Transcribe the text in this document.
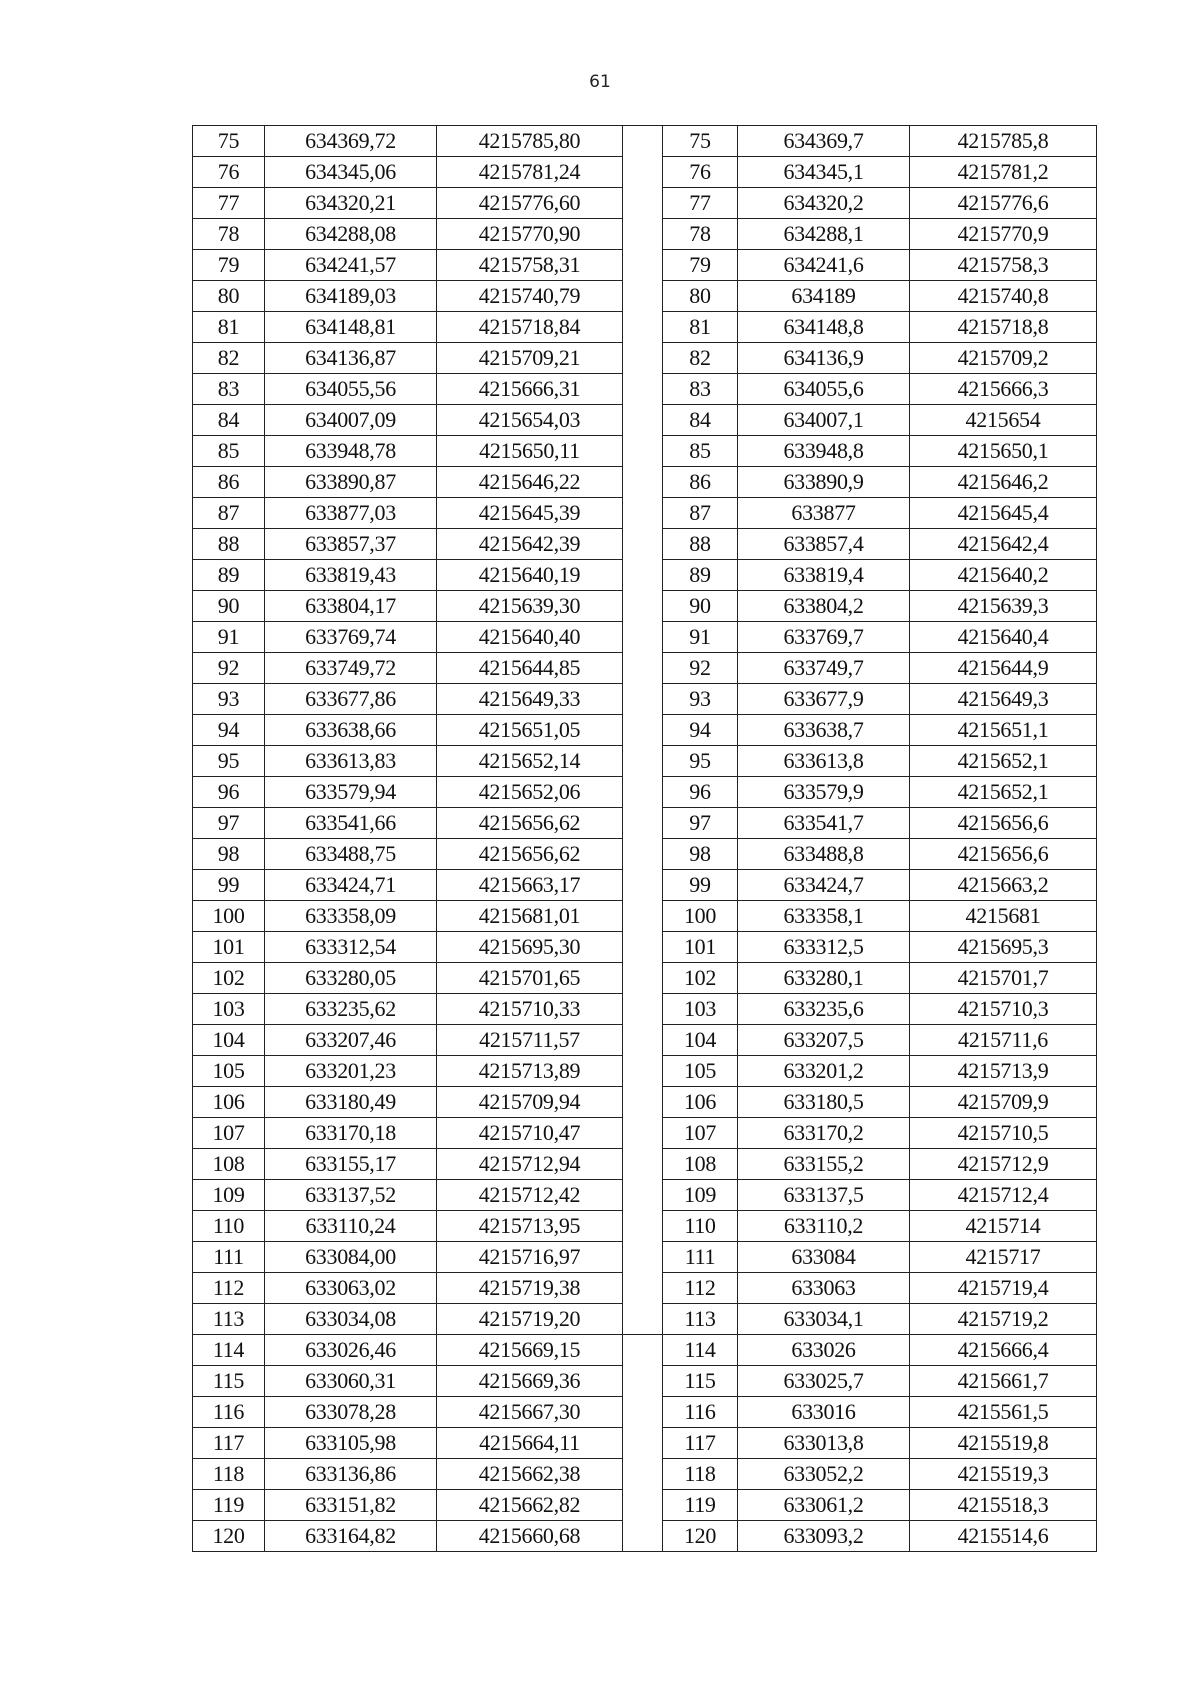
61
75	634369,72	4215785,80		75	634369,7	4215785,8
76	634345,06	4215781,24		76	634345,1	4215781,2
77	634320,21	4215776,60		77	634320,2	4215776,6
78	634288,08	4215770,90		78	634288,1	4215770,9
79	634241,57	4215758,31		79	634241,6	4215758,3
80	634189,03	4215740,79		80	634189	4215740,8
81	634148,81	4215718,84		81	634148,8	4215718,8
82	634136,87	4215709,21		82	634136,9	4215709,2
83	634055,56	4215666,31		83	634055,6	4215666,3
84	634007,09	4215654,03		84	634007,1	4215654
85	633948,78	4215650,11		85	633948,8	4215650,1
86	633890,87	4215646,22		86	633890,9	4215646,2
87	633877,03	4215645,39		87	633877	4215645,4
88	633857,37	4215642,39		88	633857,4	4215642,4
89	633819,43	4215640,19		89	633819,4	4215640,2
90	633804,17	4215639,30		90	633804,2	4215639,3
91	633769,74	4215640,40		91	633769,7	4215640,4
92	633749,72	4215644,85		92	633749,7	4215644,9
93	633677,86	4215649,33		93	633677,9	4215649,3
94	633638,66	4215651,05		94	633638,7	4215651,1
95	633613,83	4215652,14		95	633613,8	4215652,1
96	633579,94	4215652,06		96	633579,9	4215652,1
97	633541,66	4215656,62		97	633541,7	4215656,6
98	633488,75	4215656,62		98	633488,8	4215656,6
99	633424,71	4215663,17		99	633424,7	4215663,2
100	633358,09	4215681,01		100	633358,1	4215681
101	633312,54	4215695,30		101	633312,5	4215695,3
102	633280,05	4215701,65		102	633280,1	4215701,7
103	633235,62	4215710,33		103	633235,6	4215710,3
104	633207,46	4215711,57		104	633207,5	4215711,6
105	633201,23	4215713,89		105	633201,2	4215713,9
106	633180,49	4215709,94		106	633180,5	4215709,9
107	633170,18	4215710,47		107	633170,2	4215710,5
108	633155,17	4215712,94		108	633155,2	4215712,9
109	633137,52	4215712,42		109	633137,5	4215712,4
110	633110,24	4215713,95		110	633110,2	4215714
111	633084,00	4215716,97		111	633084	4215717
112	633063,02	4215719,38		112	633063	4215719,4
113	633034,08	4215719,20		113	633034,1	4215719,2
114	633026,46	4215669,15		114	633026	4215666,4
115	633060,31	4215669,36		115	633025,7	4215661,7
116	633078,28	4215667,30		116	633016	4215561,5
117	633105,98	4215664,11		117	633013,8	4215519,8
118	633136,86	4215662,38		118	633052,2	4215519,3
119	633151,82	4215662,82		119	633061,2	4215518,3
120	633164,82	4215660,68		120	633093,2	4215514,6
